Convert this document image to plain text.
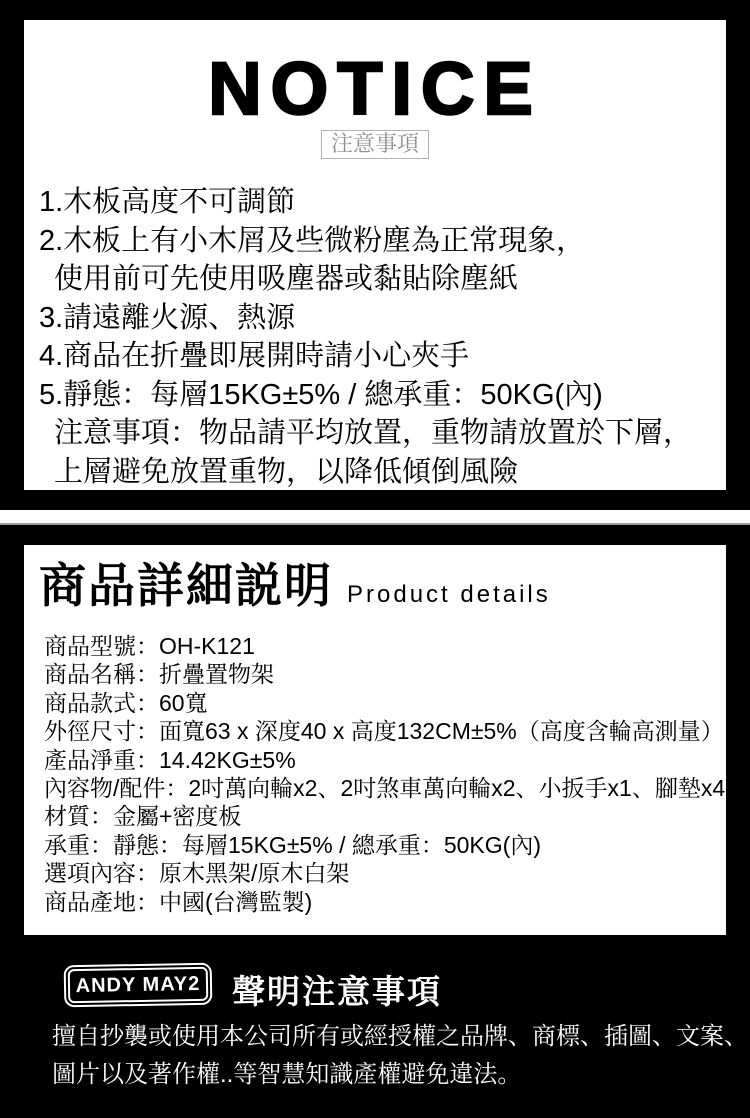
NOTICE
注意事項
1.木板高度不可調節
2.木板上有小木屑及些微粉塵為正常現象，
使用前可先使用吸塵器或黏貼除塵紙
3.請遠離火源、熱源
4.商品在折疊即展開時請小心夾手
5.靜態：每層15KG±5% / 總承重：50KG(內)
注意事項：物品請平均放置，重物請放置於下層，
上層避免放置重物，以降低傾倒風險
商品詳細説明 Product details
商品型號：OH-K121
商品名稱：折疊置物架
商品款式：60寬
外徑尺寸：面寬63 x 深度40 x 高度132CM±5%（高度含輪高測量）
產品淨重：14.42KG±5%
內容物/配件：2吋萬向輪x2、2吋煞車萬向輪x2、小扳手x1、腳墊x4
材質：金屬+密度板
承重：靜態：每層15KG±5% / 總承重：50KG(內)
選項內容：原木黑架/原木白架
商品產地：中國(台灣監製)
ANDY MAY2 聲明注意事項
擅自抄襲或使用本公司所有或經授權之品牌、商標、插圖、文案、
圖片以及著作權..等智慧知識產權避免違法。
